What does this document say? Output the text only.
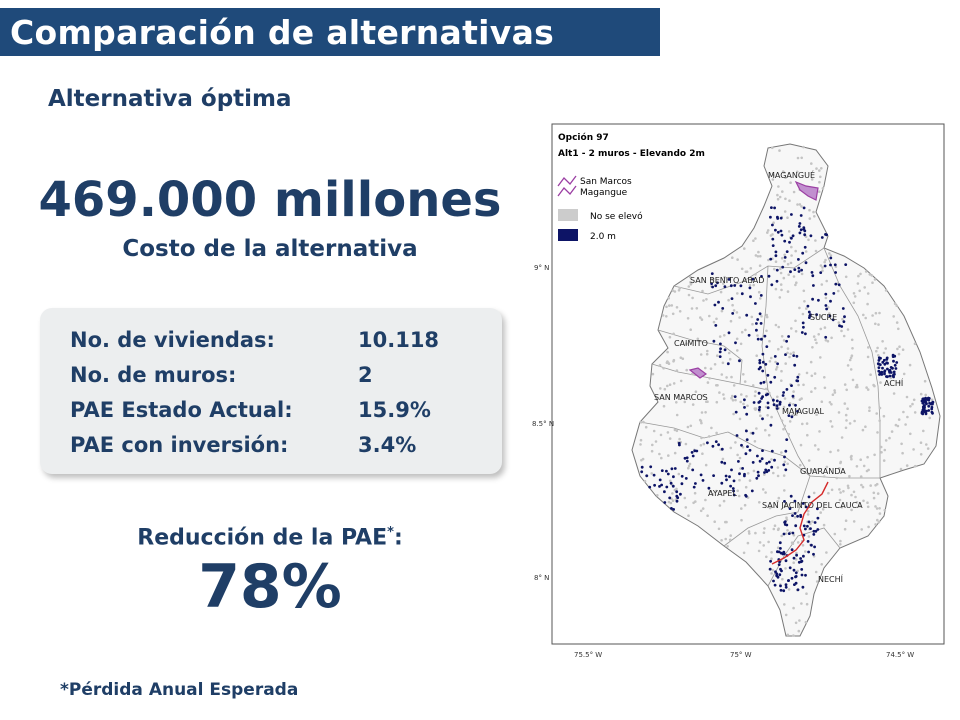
Comparación de alternativas
Alternativa óptima
469.000 millones
Costo de la alternativa
No. de viviendas:	10.118
No. de muros:	2
PAE Estado Actual:	15.9%
PAE con inversión:	3.4%
Reducción de la PAE*:
78%
*Pérdida Anual Esperada
9° N
8.5° N
8° N
75.5° W	75° W	74.5° W
Opción 97
Alt1 - 2 muros - Elevando 2m
San Marcos
Magangue
No se elevó
2.0 m
MAGANGUÉ
SAN BENITO ABAD
SUCRE
CAIMITO
ACHÍ
SAN MARCOS
MAJAGUAL
GUARANDA
AYAPEL
SAN JACINTO DEL CAUCA
NECHÍ
